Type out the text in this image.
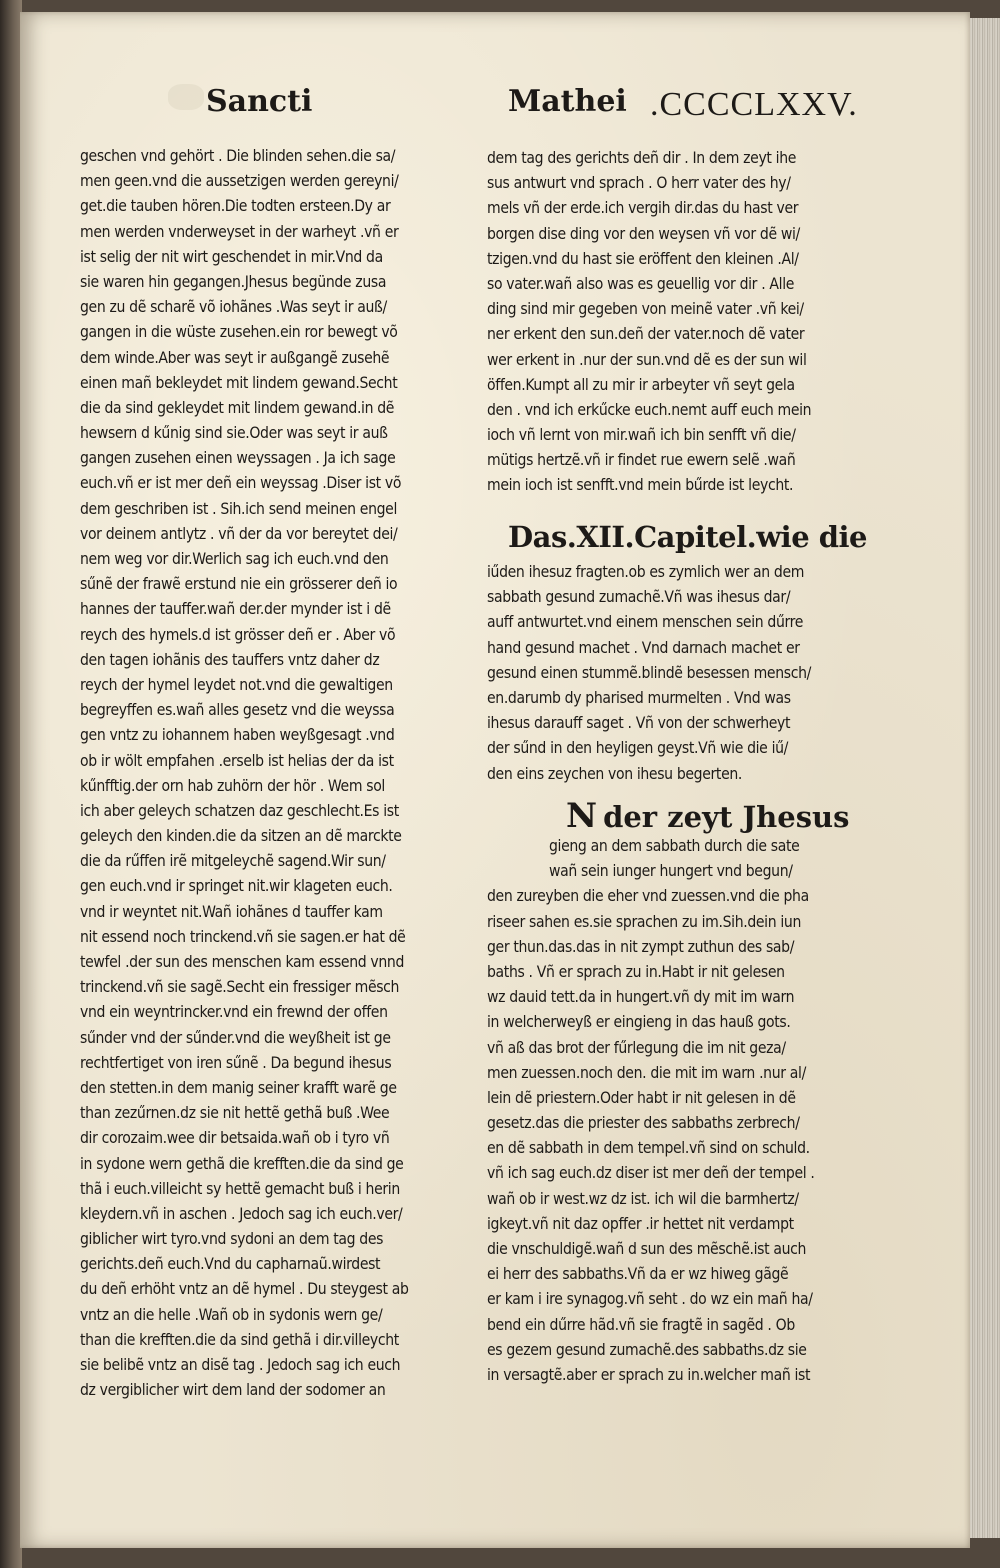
Sancti	Mathei .CCCCLXXV.
geschen vnd gehört . Die blinden sehen.die sa/
men geen.vnd die aussetzigen werden gereyni/
get.die tauben hören.Die todten ersteen.Dy ar
men werden vnderweyset in der warheyt .vñ er
ist selig der nit wirt geschendet in mir.Vnd da
sie waren hin gegangen.Jhesus begünde zusa
gen zu dẽ scharẽ võ iohãnes .Was seyt ir auß/
gangen in die wüste zusehen.ein ror bewegt võ
dem winde.Aber was seyt ir außgangẽ zusehẽ
einen mañ bekleydet mit lindem gewand.Secht
die da sind gekleydet mit lindem gewand.in dẽ
hewsern d kűnig sind sie.Oder was seyt ir auß
gangen zusehen einen weyssagen . Ja ich sage
euch.vñ er ist mer deñ ein weyssag .Diser ist võ
dem geschriben ist . Sih.ich send meinen engel
vor deinem antlytz . vñ der da vor bereytet dei/
nem weg vor dir.Werlich sag ich euch.vnd den
sűnẽ der frawẽ erstund nie ein grösserer deñ io
hannes der tauffer.wañ der.der mynder ist i dẽ
reych des hymels.d ist grösser deñ er . Aber võ
den tagen iohãnis des tauffers vntz daher dz
reych der hymel leydet not.vnd die gewaltigen
begreyffen es.wañ alles gesetz vnd die weyssa
gen vntz zu iohannem haben weyßgesagt .vnd
ob ir wölt empfahen .erselb ist helias der da ist
kűnfftig.der orn hab zuhörn der hör . Wem sol
ich aber geleych schatzen daz geschlecht.Es ist
geleych den kinden.die da sitzen an dẽ marckte
die da rűffen irẽ mitgeleychẽ sagend.Wir sun/
gen euch.vnd ir springet nit.wir klageten euch.
vnd ir weyntet nit.Wañ iohãnes d tauffer kam
nit essend noch trinckend.vñ sie sagen.er hat dẽ
tewfel .der sun des menschen kam essend vnnd
trinckend.vñ sie sagẽ.Secht ein fressiger mẽsch
vnd ein weyntrincker.vnd ein frewnd der offen
sűnder vnd der sűnder.vnd die weyßheit ist ge
rechtfertiget von iren sűnẽ . Da begund ihesus
den stetten.in dem manig seiner krafft warẽ ge
than zezűrnen.dz sie nit hettẽ gethã buß .Wee
dir corozaim.wee dir betsaida.wañ ob i tyro vñ
in sydone wern gethã die krefften.die da sind ge
thã i euch.villeicht sy hettẽ gemacht buß i herin
kleydern.vñ in aschen . Jedoch sag ich euch.ver/
giblicher wirt tyro.vnd sydoni an dem tag des
gerichts.deñ euch.Vnd du capharnaũ.wirdest
du deñ erhöht vntz an dẽ hymel . Du steygest ab
vntz an die helle .Wañ ob in sydonis wern ge/
than die krefften.die da sind gethã i dir.villeycht
sie belibẽ vntz an disẽ tag . Jedoch sag ich euch
dz vergiblicher wirt dem land der sodomer an
dem tag des gerichts deñ dir . In dem zeyt ihe
sus antwurt vnd sprach . O herr vater des hy/
mels vñ der erde.ich vergih dir.das du hast ver
borgen dise ding vor den weysen vñ vor dẽ wi/
tzigen.vnd du hast sie eröffent den kleinen .Al/
so vater.wañ also was es geuellig vor dir . Alle
ding sind mir gegeben von meinẽ vater .vñ kei/
ner erkent den sun.deñ der vater.noch dẽ vater
wer erkent in .nur der sun.vnd dẽ es der sun wil
öffen.Kumpt all zu mir ir arbeyter vñ seyt gela
den . vnd ich erkűcke euch.nemt auff euch mein
ioch vñ lernt von mir.wañ ich bin senfft vñ die/
mütigs hertzẽ.vñ ir findet rue ewern selẽ .wañ
mein ioch ist senfft.vnd mein bűrde ist leycht.
Das.XII.Capitel.wie die
iűden ihesuz fragten.ob es zymlich wer an dem
sabbath gesund zumachẽ.Vñ was ihesus dar/
auff antwurtet.vnd einem menschen sein dűrre
hand gesund machet . Vnd darnach machet er
gesund einen stummẽ.blindẽ besessen mensch/
en.darumb dy pharised murmelten . Vnd was
ihesus darauff saget . Vñ von der schwerheyt
der sűnd in den heyligen geyst.Vñ wie die iű/
den eins zeychen von ihesu begerten.
N der zeyt Jhesus
gieng an dem sabbath durch die sate
wañ sein iunger hungert vnd begun/
den zureyben die eher vnd zuessen.vnd die pha
riseer sahen es.sie sprachen zu im.Sih.dein iun
ger thun.das.das in nit zympt zuthun des sab/
baths . Vñ er sprach zu in.Habt ir nit gelesen
wz dauid tett.da in hungert.vñ dy mit im warn
in welcherweyß er eingieng in das hauß gots.
vñ aß das brot der fűrlegung die im nit geza/
men zuessen.noch den. die mit im warn .nur al/
lein dẽ priestern.Oder habt ir nit gelesen in dẽ
gesetz.das die priester des sabbaths zerbrech/
en dẽ sabbath in dem tempel.vñ sind on schuld.
vñ ich sag euch.dz diser ist mer deñ der tempel .
wañ ob ir west.wz dz ist. ich wil die barmhertz/
igkeyt.vñ nit daz opffer .ir hettet nit verdampt
die vnschuldigẽ.wañ d sun des mẽschẽ.ist auch
ei herr des sabbaths.Vñ da er wz hiweg gãgẽ
er kam i ire synagog.vñ seht . do wz ein mañ ha/
bend ein dűrre hãd.vñ sie fragtẽ in sagẽd . Ob
es gezem gesund zumachẽ.des sabbaths.dz sie
in versagtẽ.aber er sprach zu in.welcher mañ ist
